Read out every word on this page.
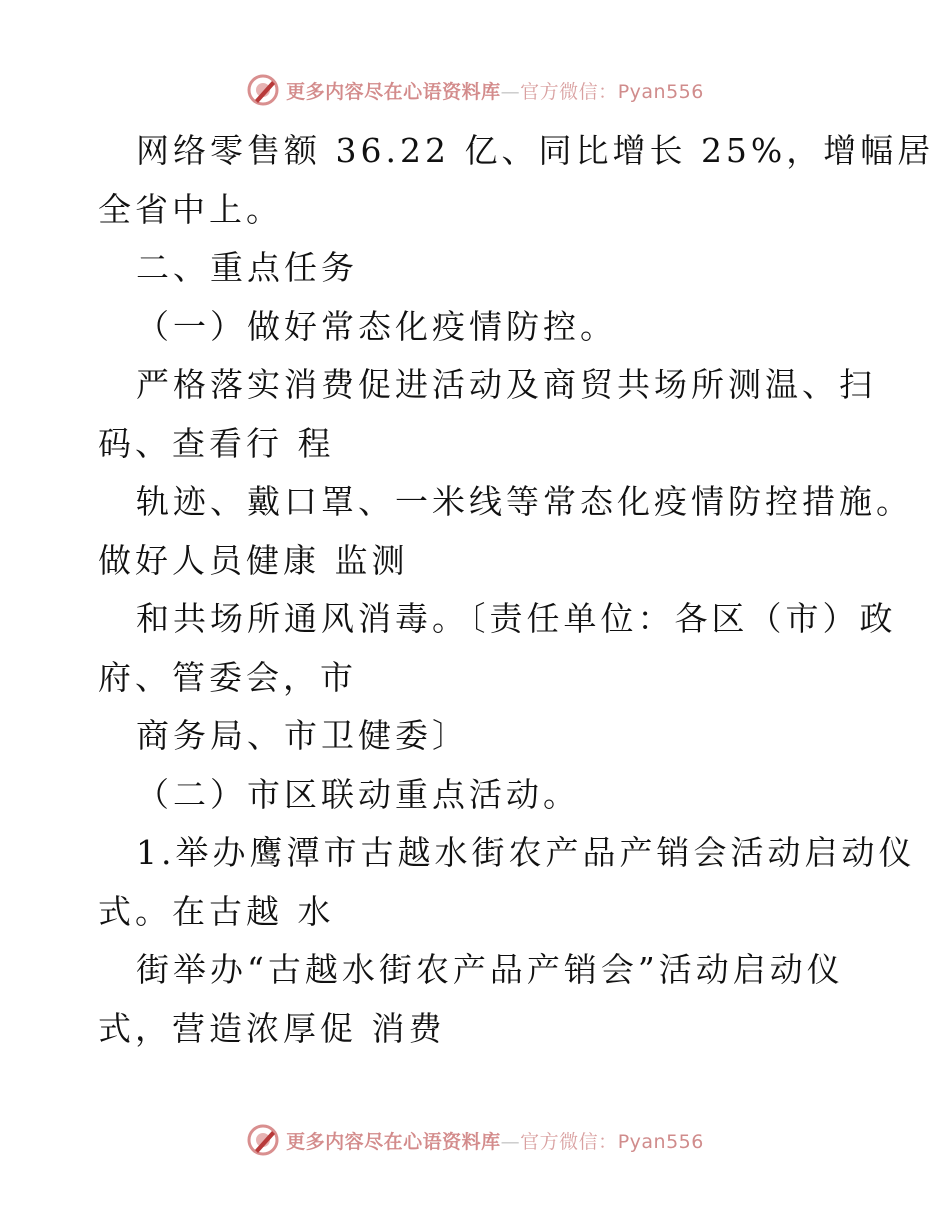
更多内容尽在心语资料库—官方微信：Pyan556
网络零售额 36.22 亿、同比增长 25%，增幅居
全省中上。
二、重点任务
（一）做好常态化疫情防控。
严格落实消费促进活动及商贸共场所测温、扫
码、查看行 程
轨迹、戴口罩、一米线等常态化疫情防控措施。
做好人员健康 监测
和共场所通风消毒。〔责任单位：各区（市）政
府、管委会，市
商务局、市卫健委〕
（二）市区联动重点活动。
1.举办鹰潭市古越水街农产品产销会活动启动仪
式。在古越 水
街举办“古越水街农产品产销会”活动启动仪
式，营造浓厚促 消费
更多内容尽在心语资料库—官方微信：Pyan556
